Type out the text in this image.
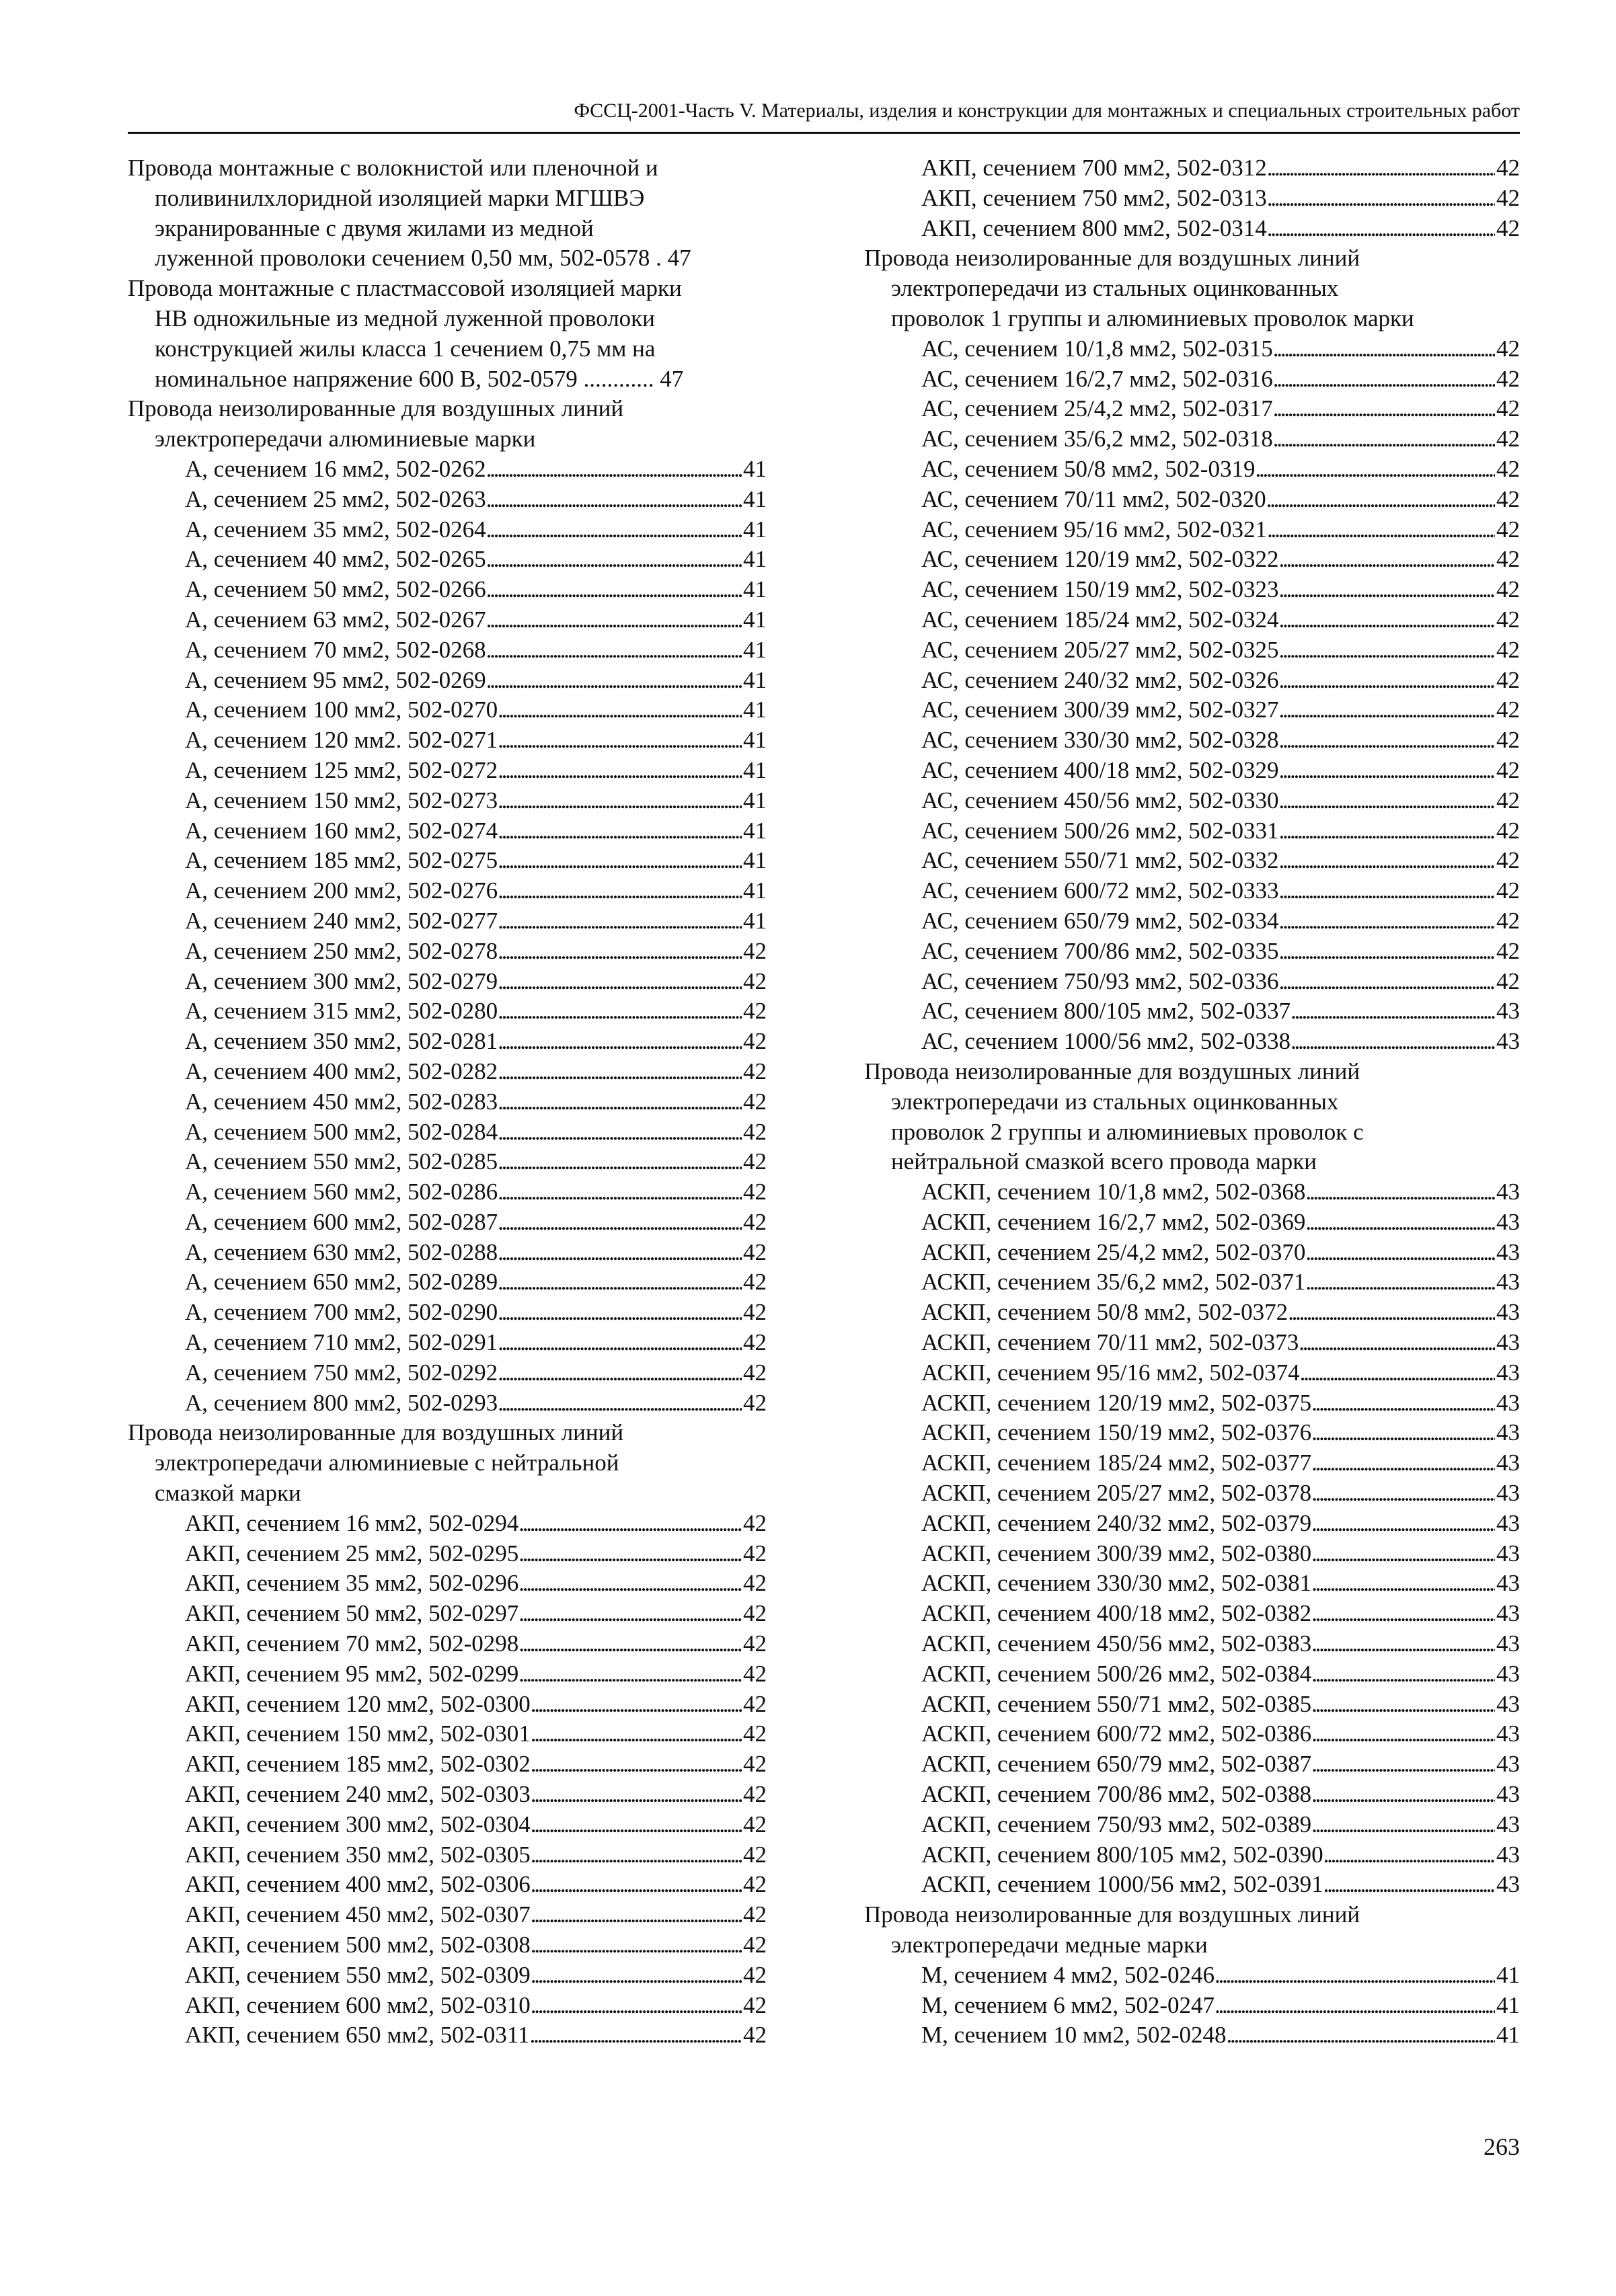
ФССЦ-2001-Часть V. Материалы, изделия и конструкции для монтажных и специальных строительных работ
Провода монтажные с волокнистой или пленочной и
поливинилхлоридной изоляцией марки МГШВЭ
экранированные с двумя жилами из медной
луженной проволоки сечением 0,50 мм, 502-0578 . 47
Провода монтажные с пластмассовой изоляцией марки
НВ одножильные из медной луженной проволоки
конструкцией жилы класса 1 сечением 0,75 мм на
номинальное напряжение 600 В, 502-0579 ............ 47
Провода неизолированные для воздушных линий
электропередачи алюминиевые марки
А, сечением 16 мм2, 502-0262 . . .	41
А, сечением 25 мм2, 502-0263 . . .	41
А, сечением 35 мм2, 502-0264 . . .	41
А, сечением 40 мм2, 502-0265 . . .	41
А, сечением 50 мм2, 502-0266 . . .	41
А, сечением 63 мм2, 502-0267 . . .	41
А, сечением 70 мм2, 502-0268 . . .	41
А, сечением 95 мм2, 502-0269 . . .	41
А, сечением 100 мм2, 502-0270 . . .	41
А, сечением 120 мм2. 502-0271 . . .	41
А, сечением 125 мм2, 502-0272 . . .	41
А, сечением 150 мм2, 502-0273 . . .	41
А, сечением 160 мм2, 502-0274 . . .	41
А, сечением 185 мм2, 502-0275 . . .	41
А, сечением 200 мм2, 502-0276 . . .	41
А, сечением 240 мм2, 502-0277 . . .	41
А, сечением 250 мм2, 502-0278 . . .	42
А, сечением 300 мм2, 502-0279 . . .	42
А, сечением 315 мм2, 502-0280 . . .	42
А, сечением 350 мм2, 502-0281 . . .	42
А, сечением 400 мм2, 502-0282 . . .	42
А, сечением 450 мм2, 502-0283 . . .	42
А, сечением 500 мм2, 502-0284 . . .	42
А, сечением 550 мм2, 502-0285 . . .	42
А, сечением 560 мм2, 502-0286 . . .	42
А, сечением 600 мм2, 502-0287 . . .	42
А, сечением 630 мм2, 502-0288 . . .	42
А, сечением 650 мм2, 502-0289 . . .	42
А, сечением 700 мм2, 502-0290 . . .	42
А, сечением 710 мм2, 502-0291 . . .	42
А, сечением 750 мм2, 502-0292 . . .	42
А, сечением 800 мм2, 502-0293 . . .	42
Провода неизолированные для воздушных линий
электропередачи алюминиевые с нейтральной
смазкой марки
АКП, сечением 16 мм2, 502-0294 . . .	42
АКП, сечением 25 мм2, 502-0295 . . .	42
АКП, сечением 35 мм2, 502-0296 . . .	42
АКП, сечением 50 мм2, 502-0297 . . .	42
АКП, сечением 70 мм2, 502-0298 . . .	42
АКП, сечением 95 мм2, 502-0299 . . .	42
АКП, сечением 120 мм2, 502-0300 . . .	42
АКП, сечением 150 мм2, 502-0301 . . .	42
АКП, сечением 185 мм2, 502-0302 . . .	42
АКП, сечением 240 мм2, 502-0303 . . .	42
АКП, сечением 300 мм2, 502-0304 . . .	42
АКП, сечением 350 мм2, 502-0305 . . .	42
АКП, сечением 400 мм2, 502-0306 . . .	42
АКП, сечением 450 мм2, 502-0307 . . .	42
АКП, сечением 500 мм2, 502-0308 . . .	42
АКП, сечением 550 мм2, 502-0309 . . .	42
АКП, сечением 600 мм2, 502-0310 . . .	42
АКП, сечением 650 мм2, 502-0311 . . .	42
АКП, сечением 700 мм2, 502-0312 . . .	42
АКП, сечением 750 мм2, 502-0313 . . .	42
АКП, сечением 800 мм2, 502-0314 . . .	42
Провода неизолированные для воздушных линий
электропередачи из стальных оцинкованных
проволок 1 группы и алюминиевых проволок марки
АС, сечением 10/1,8 мм2, 502-0315 . . .	42
АС, сечением 16/2,7 мм2, 502-0316 . . .	42
АС, сечением 25/4,2 мм2, 502-0317 . . .	42
АС, сечением 35/6,2 мм2, 502-0318 . . .	42
АС, сечением 50/8 мм2, 502-0319 . . .	42
АС, сечением 70/11 мм2, 502-0320 . . .	42
АС, сечением 95/16 мм2, 502-0321 . . .	42
АС, сечением 120/19 мм2, 502-0322 . . .	42
АС, сечением 150/19 мм2, 502-0323 . . .	42
АС, сечением 185/24 мм2, 502-0324 . . .	42
АС, сечением 205/27 мм2, 502-0325 . . .	42
АС, сечением 240/32 мм2, 502-0326 . . .	42
АС, сечением 300/39 мм2, 502-0327 . . .	42
АС, сечением 330/30 мм2, 502-0328 . . .	42
АС, сечением 400/18 мм2, 502-0329 . . .	42
АС, сечением 450/56 мм2, 502-0330 . . .	42
АС, сечением 500/26 мм2, 502-0331 . . .	42
АС, сечением 550/71 мм2, 502-0332 . . .	42
АС, сечением 600/72 мм2, 502-0333 . . .	42
АС, сечением 650/79 мм2, 502-0334 . . .	42
АС, сечением 700/86 мм2, 502-0335 . . .	42
АС, сечением 750/93 мм2, 502-0336 . . .	42
АС, сечением 800/105 мм2, 502-0337 . . .	43
АС, сечением 1000/56 мм2, 502-0338 . . .	43
Провода неизолированные для воздушных линий
электропередачи из стальных оцинкованных
проволок 2 группы и алюминиевых проволок с
нейтральной смазкой всего провода марки
АСКП, сечением 10/1,8 мм2, 502-0368 . . .	43
АСКП, сечением 16/2,7 мм2, 502-0369 . . .	43
АСКП, сечением 25/4,2 мм2, 502-0370 . . .	43
АСКП, сечением 35/6,2 мм2, 502-0371 . . .	43
АСКП, сечением 50/8 мм2, 502-0372 . . .	43
АСКП, сечением 70/11 мм2, 502-0373 . . .	43
АСКП, сечением 95/16 мм2, 502-0374 . . .	43
АСКП, сечением 120/19 мм2, 502-0375 . . .	43
АСКП, сечением 150/19 мм2, 502-0376 . . .	43
АСКП, сечением 185/24 мм2, 502-0377 . . .	43
АСКП, сечением 205/27 мм2, 502-0378 . . .	43
АСКП, сечением 240/32 мм2, 502-0379 . . .	43
АСКП, сечением 300/39 мм2, 502-0380 . . .	43
АСКП, сечением 330/30 мм2, 502-0381 . . .	43
АСКП, сечением 400/18 мм2, 502-0382 . . .	43
АСКП, сечением 450/56 мм2, 502-0383 . . .	43
АСКП, сечением 500/26 мм2, 502-0384 . . .	43
АСКП, сечением 550/71 мм2, 502-0385 . . .	43
АСКП, сечением 600/72 мм2, 502-0386 . . .	43
АСКП, сечением 650/79 мм2, 502-0387 . . .	43
АСКП, сечением 700/86 мм2, 502-0388 . . .	43
АСКП, сечением 750/93 мм2, 502-0389 . . .	43
АСКП, сечением 800/105 мм2, 502-0390 . . .	43
АСКП, сечением 1000/56 мм2, 502-0391 . . .	43
Провода неизолированные для воздушных линий
электропередачи медные марки
М, сечением 4 мм2, 502-0246 . . .	41
М, сечением 6 мм2, 502-0247 . . .	41
М, сечением 10 мм2, 502-0248 . . .	41
263
